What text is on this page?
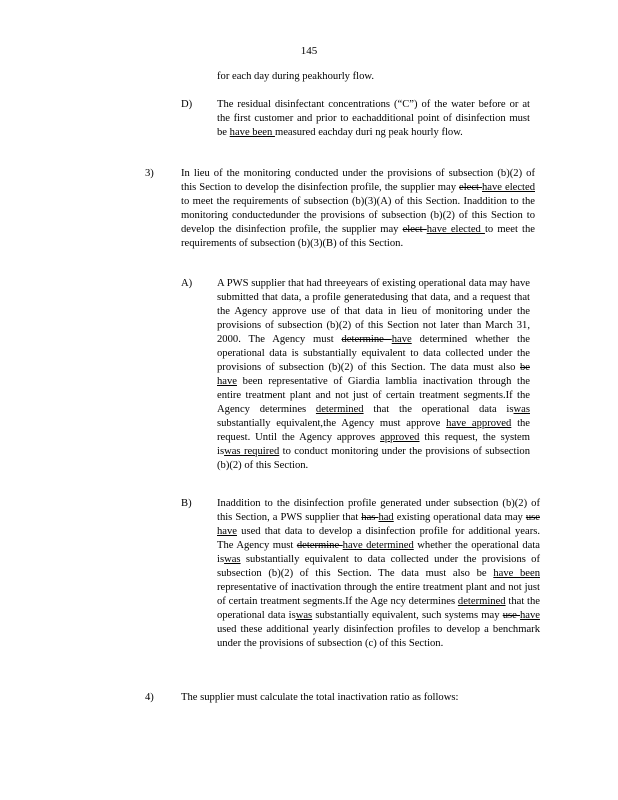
145
for each day during peakhourly flow.
D) The residual disinfectant concentrations (“C”) of the water before or at the first customer and prior to eachadditional point of disinfection must be have been measured eachday duri ng peak hourly flow.

3)	In lieu of the monitoring conducted under the provisions of subsection (b)(2) of this Section to develop the disinfection profile, the supplier may elect have elected to meet the requirements of subsection (b)(3)(A) of this Section. Inaddition to the monitoring conductedunder the provisions of subsection (b)(2) of this Section to develop the disinfection profile, the supplier may elect have elected to meet the requirements of subsection (b)(3)(B) of this Section.

A) A PWS supplier that had threeyears of existing operational data may have submitted that data, a profile generatedusing that data, and a request that the Agency approve use of that data in lieu of monitoring under the provisions of subsection (b)(2) of this Section not later than March 31, 2000. The Agency must determine have determined whether the operational data is substantially equivalent to data collected under the provisions of subsection (b)(2) of this Section. The data must also be have been representative of Giardia lamblia inactivation through the entire treatment plant and not just of certain treatment segments.If the Agency determines determined that the operational data iswas substantially equivalent,the Agency must approve have approved the request. Until the Agency approves approved this request, the system iswas required to conduct monitoring under the provisions of subsection (b)(2) of this Section.

B) Inaddition to the disinfection profile generated under subsection (b)(2) of this Section, a PWS supplier that has had existing operational data may use have used that data to develop a disinfection profile for additional years. The Agency must determine have determined whether the operational data iswas substantially equivalent to data collected under the provisions of subsection (b)(2) of this Section. The data must also be have been representative of inactivation through the entire treatment plant and not just of certain treatment segments.If the Age ncy determines determined that the operational data iswas substantially equivalent, such systems may use have used these additional yearly disinfection profiles to develop a benchmark under the provisions of subsection (c) of this Section.

4)	The supplier must calculate the total inactivation ratio as follows:
